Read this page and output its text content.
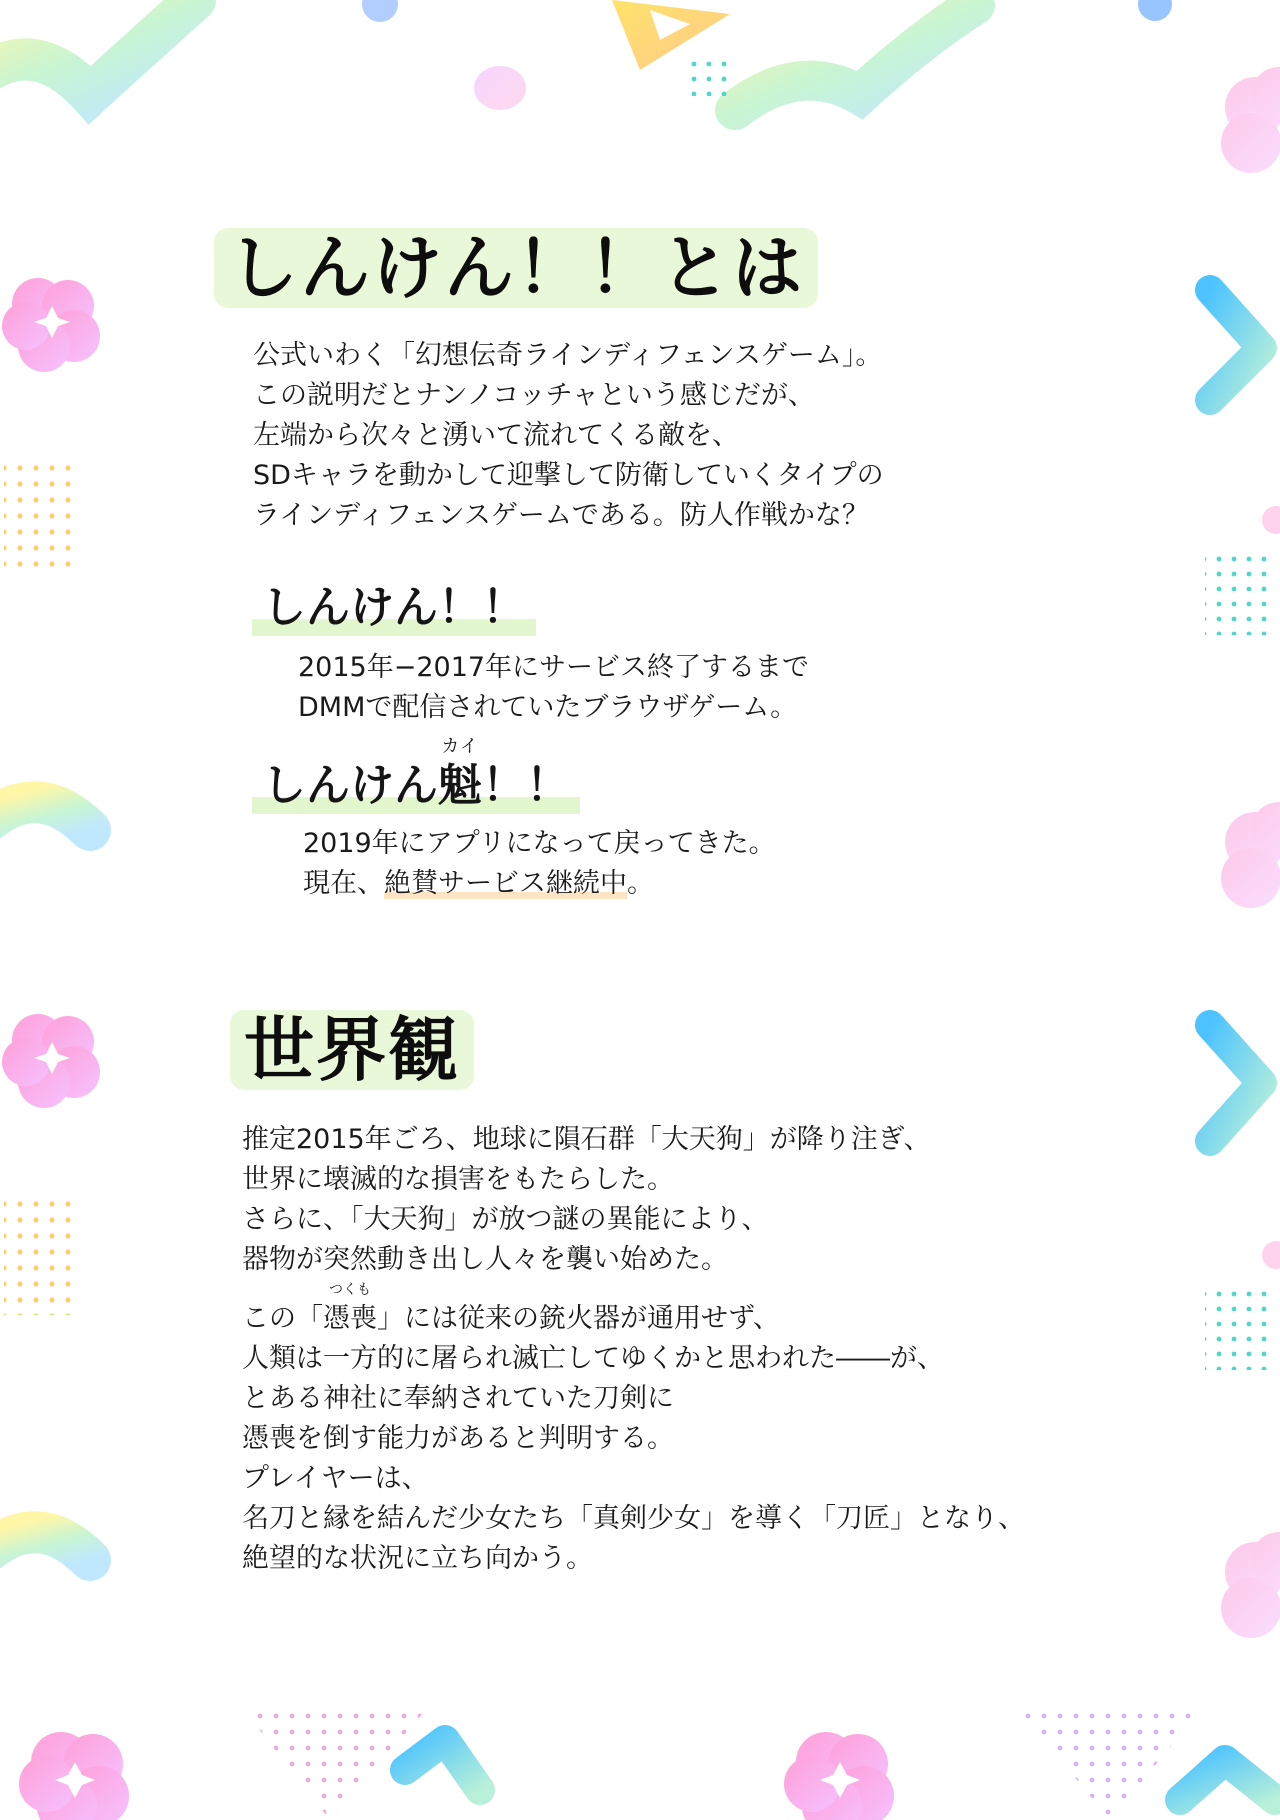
しんけん！！とは
公式いわく「幻想伝奇ラインディフェンスゲーム」。
この説明だとナンノコッチャという感じだが、
左端から次々と湧いて流れてくる敵を、
SDキャラを動かして迎撃して防衛していくタイプの
ラインディフェンスゲームである。防人作戦かな？
しんけん！！
2015年−2017年にサービス終了するまで
DMMで配信されていたブラウザゲーム。
しんけん魁
カイ
！！
2019年にアプリになって戻ってきた。
現在、絶賛サービス継続中。
世界観
推定2015年ごろ、地球に隕石群「大天狗」が降り注ぎ、
世界に壊滅的な損害をもたらした。
さらに、「大天狗」が放つ謎の異能により、
器物が突然動き出し人々を襲い始めた。
この「憑喪
つくも
」には従来の銃火器が通用せず、
人類は一方的に屠られ滅亡してゆくかと思われた――が、
とある神社に奉納されていた刀剣に
憑喪を倒す能力があると判明する。
プレイヤーは、
名刀と縁を結んだ少女たち「真剣少女」を導く「刀匠」となり、
絶望的な状況に立ち向かう。
